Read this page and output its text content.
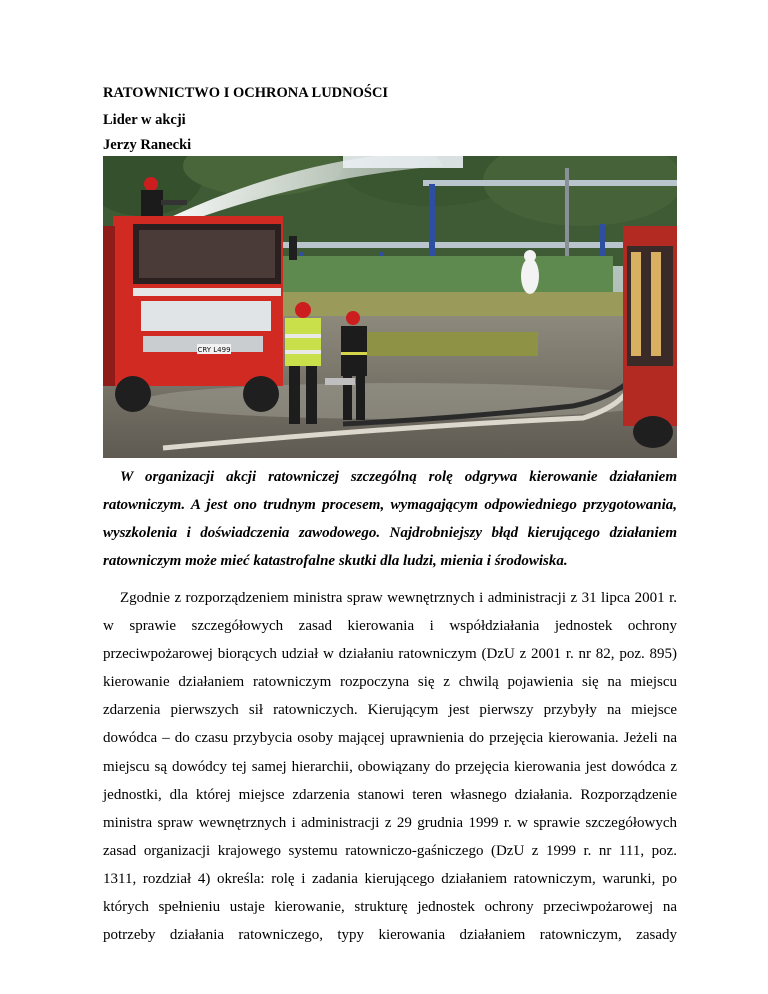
RATOWNICTWO I OCHRONA LUDNOŚCI
Lider w akcji
Jerzy Ranecki
CRY L499
W organizacji akcji ratowniczej szczególną rolę odgrywa kierowanie działaniem
ratowniczym. A jest ono trudnym procesem, wymagającym odpowiedniego przygotowania,
wyszkolenia i doświadczenia zawodowego. Najdrobniejszy błąd kierującego działaniem
ratowniczym może mieć katastrofalne skutki dla ludzi, mienia i środowiska.
Zgodnie z rozporządzeniem ministra spraw wewnętrznych i administracji z 31 lipca 2001 r.
w sprawie szczegółowych zasad kierowania i współdziałania jednostek ochrony
przeciwpożarowej biorących udział w działaniu ratowniczym (DzU z 2001 r. nr 82, poz. 895)
kierowanie działaniem ratowniczym rozpoczyna się z chwilą pojawienia się na miejscu
zdarzenia pierwszych sił ratowniczych. Kierującym jest pierwszy przybyły na miejsce
dowódca – do czasu przybycia osoby mającej uprawnienia do przejęcia kierowania. Jeżeli na
miejscu są dowódcy tej samej hierarchii, obowiązany do przejęcia kierowania jest dowódca z
jednostki, dla której miejsce zdarzenia stanowi teren własnego działania. Rozporządzenie
ministra spraw wewnętrznych i administracji z 29 grudnia 1999 r. w sprawie szczegółowych
zasad organizacji krajowego systemu ratowniczo-gaśniczego (DzU z 1999 r. nr 111, poz.
1311, rozdział 4) określa: rolę i zadania kierującego działaniem ratowniczym, warunki, po
których spełnieniu ustaje kierowanie, strukturę jednostek ochrony przeciwpożarowej na
potrzeby działania ratowniczego, typy kierowania działaniem ratowniczym, zasady
